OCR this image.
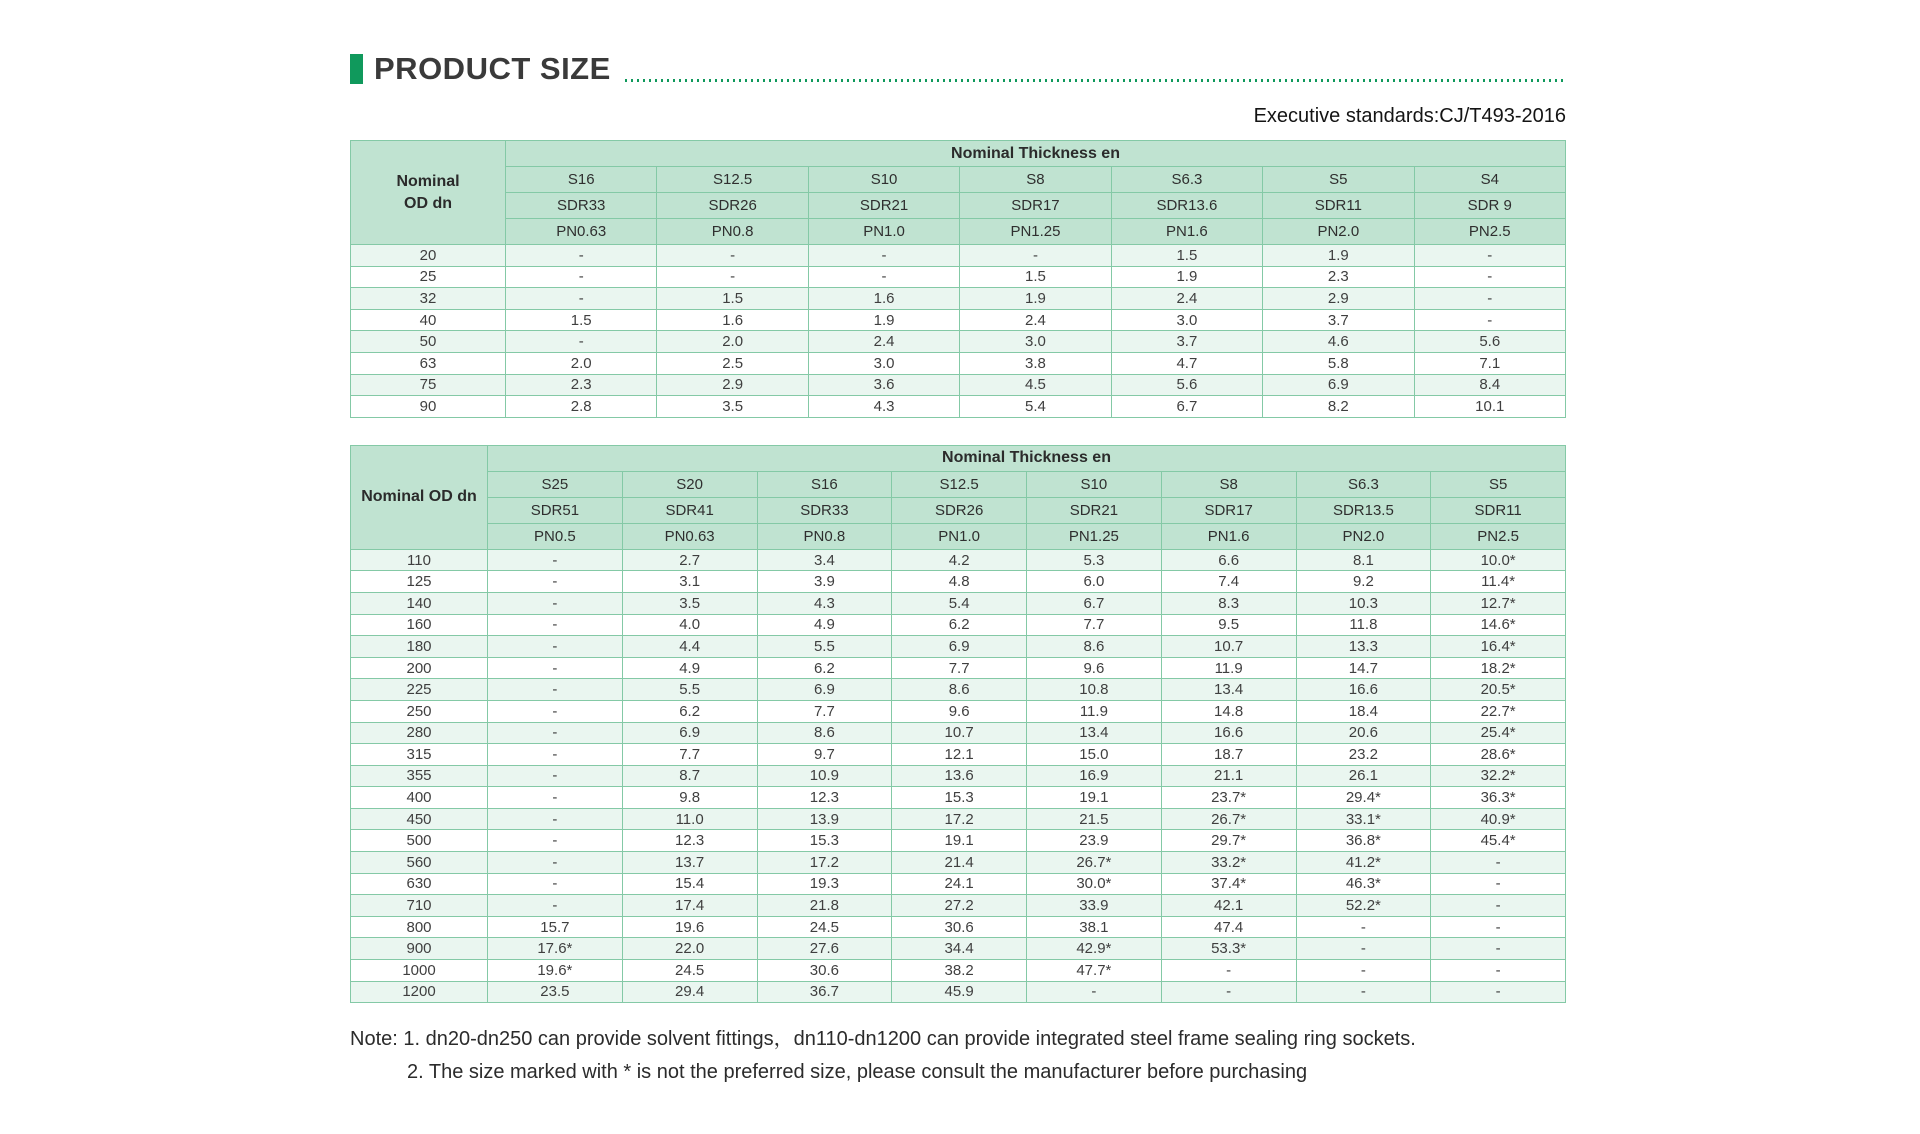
PRODUCT SIZE
Executive standards:CJ/T493-2016
Nominal
OD dn	Nominal Thickness en						
	S16	S12.5	S10	S8	S6.3	S5	S4
	SDR33	SDR26	SDR21	SDR17	SDR13.6	SDR11	SDR 9
	PN0.63	PN0.8	PN1.0	PN1.25	PN1.6	PN2.0	PN2.5
20	-	-	-	-	1.5	1.9	-
25	-	-	-	1.5	1.9	2.3	-
32	-	1.5	1.6	1.9	2.4	2.9	-
40	1.5	1.6	1.9	2.4	3.0	3.7	-
50	-	2.0	2.4	3.0	3.7	4.6	5.6
63	2.0	2.5	3.0	3.8	4.7	5.8	7.1
75	2.3	2.9	3.6	4.5	5.6	6.9	8.4
90	2.8	3.5	4.3	5.4	6.7	8.2	10.1
Nominal OD dn	Nominal Thickness en							
	S25	S20	S16	S12.5	S10	S8	S6.3	S5
	SDR51	SDR41	SDR33	SDR26	SDR21	SDR17	SDR13.5	SDR11
	PN0.5	PN0.63	PN0.8	PN1.0	PN1.25	PN1.6	PN2.0	PN2.5
110	-	2.7	3.4	4.2	5.3	6.6	8.1	10.0*
125	-	3.1	3.9	4.8	6.0	7.4	9.2	11.4*
140	-	3.5	4.3	5.4	6.7	8.3	10.3	12.7*
160	-	4.0	4.9	6.2	7.7	9.5	11.8	14.6*
180	-	4.4	5.5	6.9	8.6	10.7	13.3	16.4*
200	-	4.9	6.2	7.7	9.6	11.9	14.7	18.2*
225	-	5.5	6.9	8.6	10.8	13.4	16.6	20.5*
250	-	6.2	7.7	9.6	11.9	14.8	18.4	22.7*
280	-	6.9	8.6	10.7	13.4	16.6	20.6	25.4*
315	-	7.7	9.7	12.1	15.0	18.7	23.2	28.6*
355	-	8.7	10.9	13.6	16.9	21.1	26.1	32.2*
400	-	9.8	12.3	15.3	19.1	23.7*	29.4*	36.3*
450	-	11.0	13.9	17.2	21.5	26.7*	33.1*	40.9*
500	-	12.3	15.3	19.1	23.9	29.7*	36.8*	45.4*
560	-	13.7	17.2	21.4	26.7*	33.2*	41.2*	-
630	-	15.4	19.3	24.1	30.0*	37.4*	46.3*	-
710	-	17.4	21.8	27.2	33.9	42.1	52.2*	-
800	15.7	19.6	24.5	30.6	38.1	47.4	-	-
900	17.6*	22.0	27.6	34.4	42.9*	53.3*	-	-
1000	19.6*	24.5	30.6	38.2	47.7*	-	-	-
1200	23.5	29.4	36.7	45.9	-	-	-	-
Note: 1. dn20-dn250 can provide solvent fittings，dn110-dn1200 can provide integrated steel frame sealing ring sockets.
2. The size marked with * is not the preferred size, please consult the manufacturer before purchasing
